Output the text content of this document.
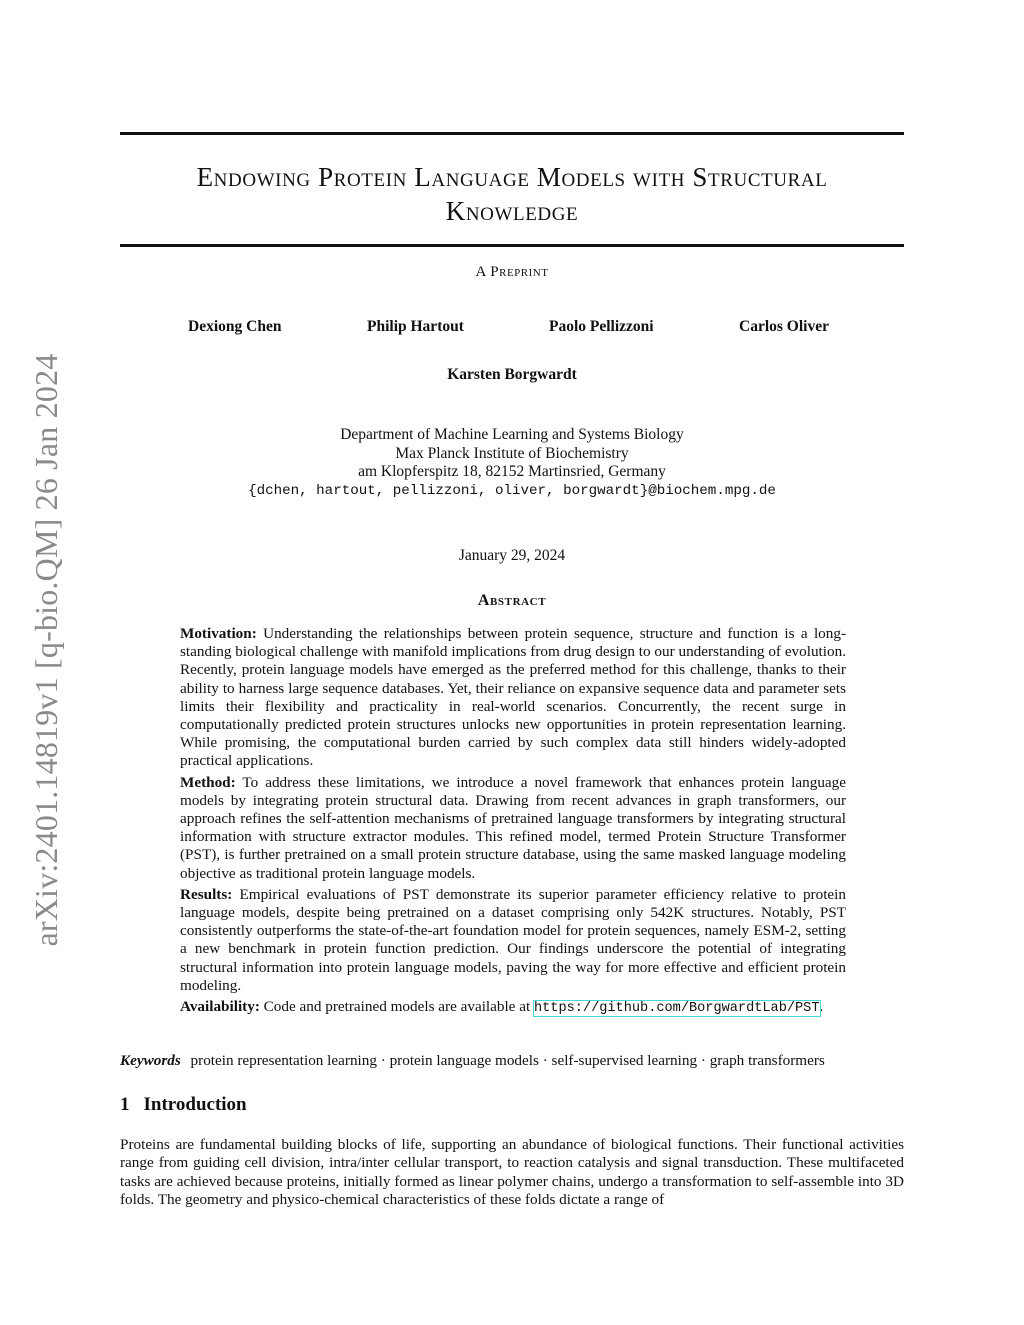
arXiv:2401.14819v1 [q-bio.QM] 26 Jan 2024
Endowing Protein Language Models with Structural
Knowledge
A Preprint
Dexiong Chen	Philip Hartout	Paolo Pellizzoni	Carlos Oliver
Karsten Borgwardt
Department of Machine Learning and Systems Biology
Max Planck Institute of Biochemistry
am Klopferspitz 18, 82152 Martinsried, Germany
{dchen, hartout, pellizzoni, oliver, borgwardt}@biochem.mpg.de
January 29, 2024
Abstract

Motivation: Understanding the relationships between protein sequence, structure and function is a long-standing biological challenge with manifold implications from drug design to our understanding of evolution. Recently, protein language models have emerged as the preferred method for this challenge, thanks to their ability to harness large sequence databases. Yet, their reliance on expansive sequence data and parameter sets limits their flexibility and practicality in real-world scenarios. Concurrently, the recent surge in computationally predicted protein structures unlocks new opportunities in protein representation learning. While promising, the computational burden carried by such complex data still hinders widely-adopted practical applications.

Method: To address these limitations, we introduce a novel framework that enhances protein language models by integrating protein structural data. Drawing from recent advances in graph transformers, our approach refines the self-attention mechanisms of pretrained language transformers by integrating structural information with structure extractor modules. This refined model, termed Protein Structure Transformer (PST), is further pretrained on a small protein structure database, using the same masked language modeling objective as traditional protein language models.

Results: Empirical evaluations of PST demonstrate its superior parameter efficiency relative to protein language models, despite being pretrained on a dataset comprising only 542K structures. Notably, PST consistently outperforms the state-of-the-art foundation model for protein sequences, namely ESM-2, setting a new benchmark in protein function prediction. Our findings underscore the potential of integrating structural information into protein language models, paving the way for more effective and efficient protein modeling.

Availability: Code and pretrained models are available at https://github.com/BorgwardtLab/PST.

Keywords protein representation learning · protein language models · self-supervised learning · graph transformers
1 Introduction
Proteins are fundamental building blocks of life, supporting an abundance of biological functions. Their functional activities range from guiding cell division, intra/inter cellular transport, to reaction catalysis and signal transduction. These multifaceted tasks are achieved because proteins, initially formed as linear polymer chains, undergo a transformation to self-assemble into 3D folds. The geometry and physico-chemical characteristics of these folds dictate a range of
